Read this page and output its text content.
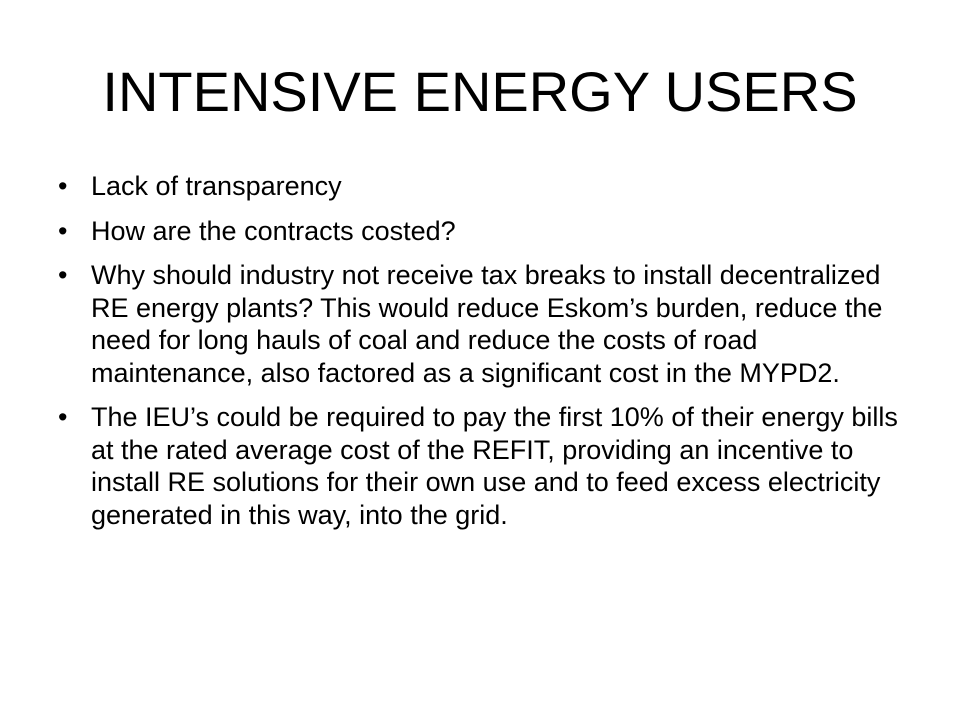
INTENSIVE ENERGY USERS
• Lack of transparency
• How are the contracts costed?
• Why should industry not receive tax breaks to install decentralized RE energy plants? This would reduce Eskom’s burden, reduce the need for long hauls of coal and reduce the costs of road maintenance, also factored as a significant cost in the MYPD2.
• The IEU’s could be required to pay the first 10% of their energy bills at the rated average cost of the REFIT, providing an incentive to install RE solutions for their own use and to feed excess electricity generated in this way, into the grid.
